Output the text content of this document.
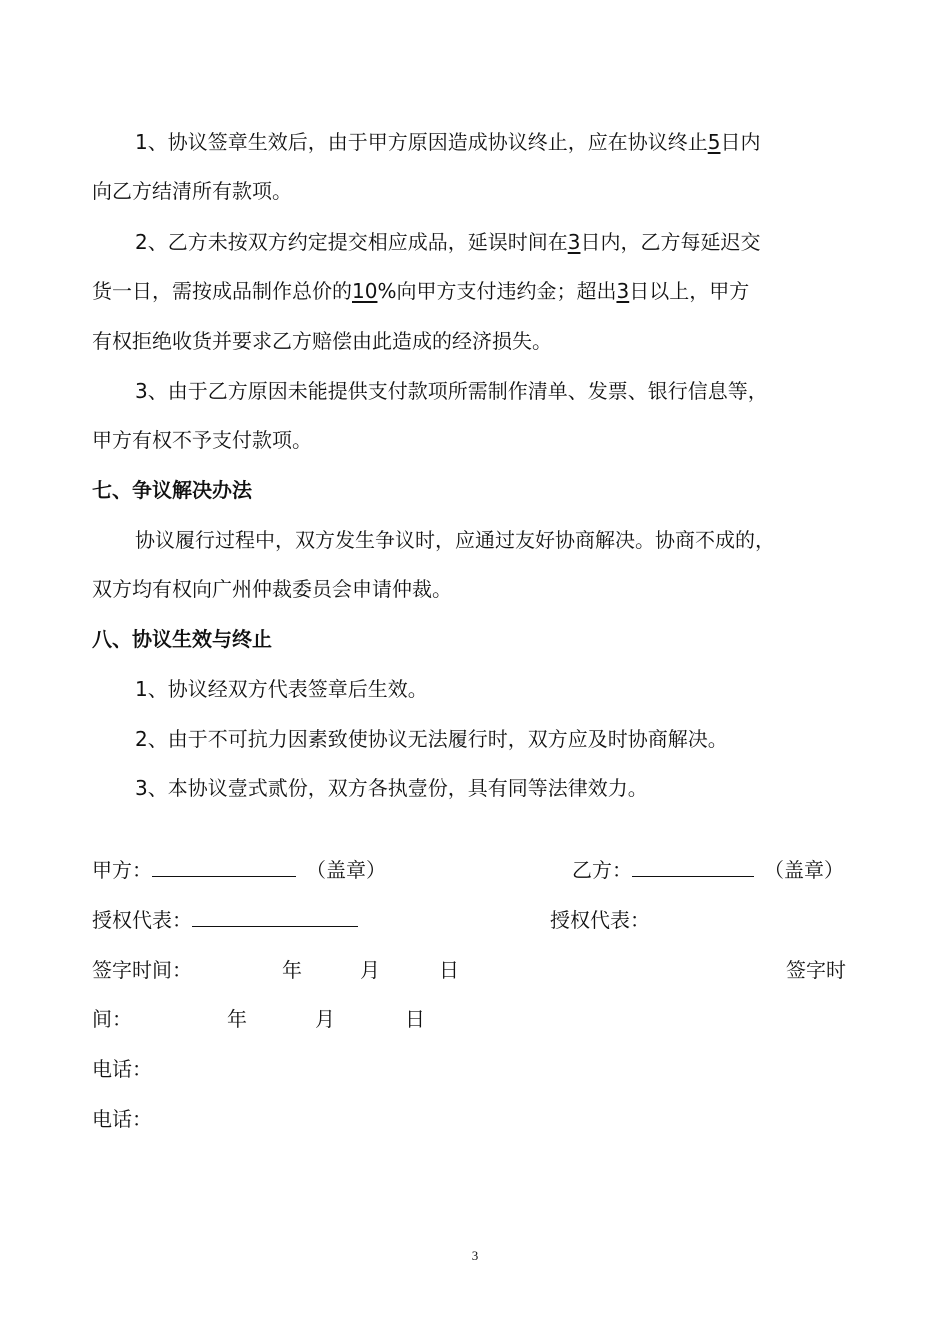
1、协议签章生效后，由于甲方原因造成协议终止，应在协议终止5日内
向乙方结清所有款项。
2、乙方未按双方约定提交相应成品，延误时间在3日内，乙方每延迟交
货一日，需按成品制作总价的10%向甲方支付违约金；超出3日以上，甲方
有权拒绝收货并要求乙方赔偿由此造成的经济损失。
3、由于乙方原因未能提供支付款项所需制作清单、发票、银行信息等，
甲方有权不予支付款项。
七、争议解决办法
协议履行过程中，双方发生争议时，应通过友好协商解决。协商不成的，
双方均有权向广州仲裁委员会申请仲裁。
八、协议生效与终止
1、协议经双方代表签章后生效。
2、由于不可抗力因素致使协议无法履行时，双方应及时协商解决。
3、本协议壹式贰份，双方各执壹份，具有同等法律效力。
甲方：	（盖章）	乙方：	（盖章）
授权代表：	授权代表：
签字时间：	年	月	日	签字时
间：	年	月	日
电话：
电话：
3
